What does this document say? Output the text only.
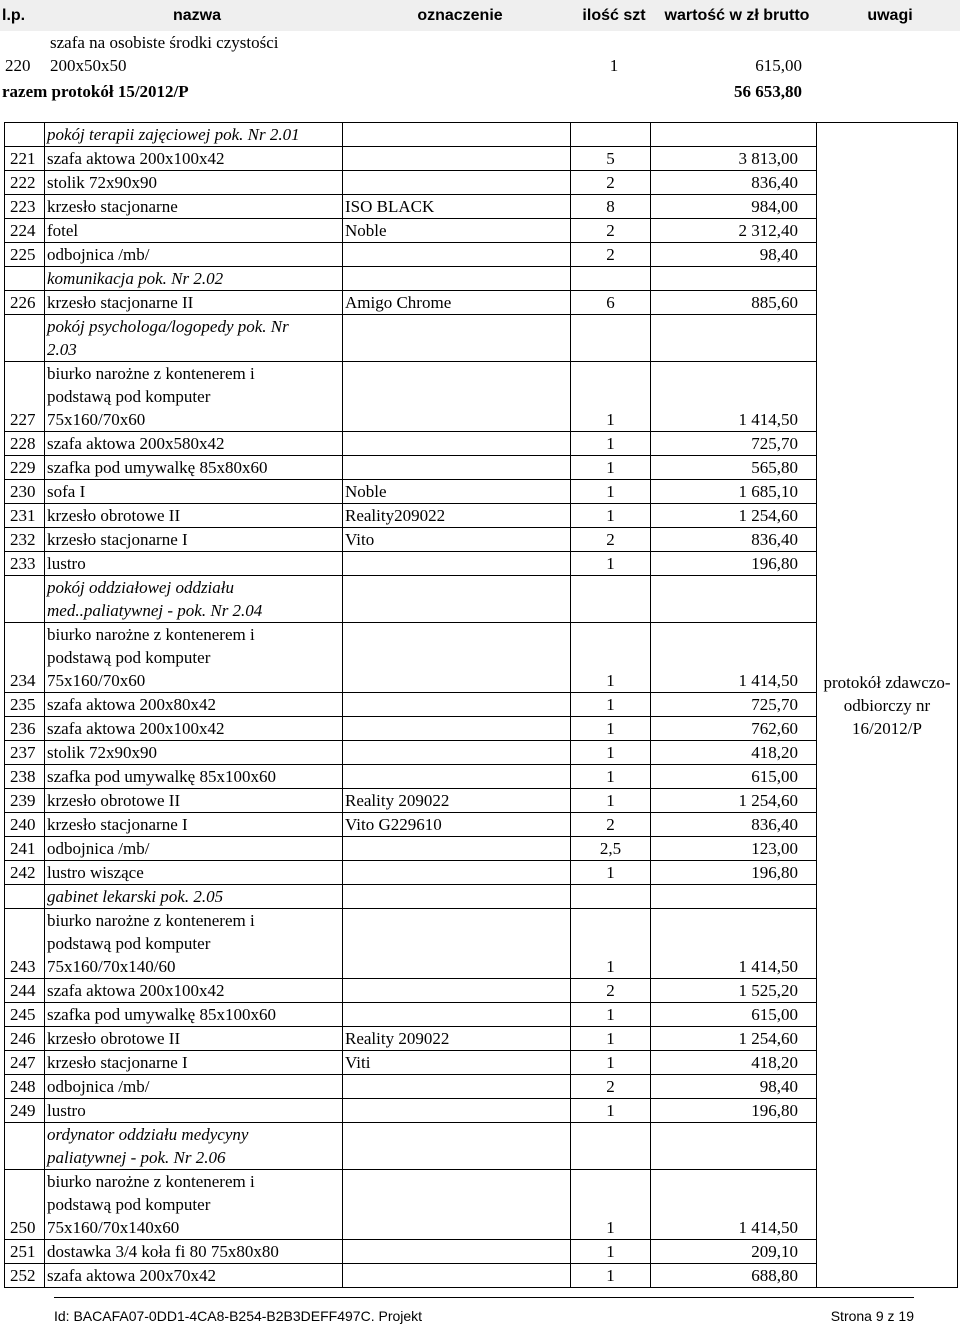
l.p.	nazwa	oznaczenie	ilość szt	wartość w zł brutto	uwagi
220	szafa na osobiste środki czystości
200x50x50		1	615,00	
razem protokół 15/2012/P			56 653,80		
	pokój terapii zajęciowej pok. Nr 2.01				protokół zdawczo-odbiorczy nr 16/2012/P
221	szafa aktowa 200x100x42		5	3 813,00	
222	stolik 72x90x90		2	836,40	
223	krzesło stacjonarne	ISO BLACK	8	984,00	
224	fotel	Noble	2	2 312,40	
225	odbojnica /mb/		2	98,40	
	komunikacja pok. Nr 2.02				
226	krzesło stacjonarne II	Amigo Chrome	6	885,60	

	pokój psychologa/logopedy pok. Nr
2.03				

227	biurko narożne z kontenerem i
podstawą pod komputer
75x160/70x60		1	1 414,50	
228	szafa aktowa 200x580x42		1	725,70	
229	szafka pod umywalkę 85x80x60		1	565,80	
230	sofa I	Noble	1	1 685,10	
231	krzesło obrotowe II	Reality209022	1	1 254,60	
232	krzesło stacjonarne I	Vito	2	836,40	
233	lustro		1	196,80	

	pokój oddziałowej oddziału
med..paliatywnej - pok. Nr 2.04				

234	biurko narożne z kontenerem i
podstawą pod komputer
75x160/70x60		1	1 414,50	
235	szafa aktowa 200x80x42		1	725,70	
236	szafa aktowa 200x100x42		1	762,60	
237	stolik 72x90x90		1	418,20	
238	szafka pod umywalkę 85x100x60		1	615,00	
239	krzesło obrotowe II	Reality 209022	1	1 254,60	
240	krzesło stacjonarne I	Vito G229610	2	836,40	
241	odbojnica /mb/		2,5	123,00	
242	lustro wiszące		1	196,80	
	gabinet lekarski pok. 2.05				
243	biurko narożne z kontenerem i
podstawą pod komputer
75x160/70x140/60		1	1 414,50	
244	szafa aktowa 200x100x42		2	1 525,20	
245	szafka pod umywalkę 85x100x60		1	615,00	
246	krzesło obrotowe II	Reality 209022	1	1 254,60	
247	krzesło stacjonarne I	Viti	1	418,20	
248	odbojnica /mb/		2	98,40	
249	lustro		1	196,80	

	ordynator oddziału medycyny
paliatywnej - pok. Nr 2.06				

250	biurko narożne z kontenerem i
podstawą pod komputer
75x160/70x140x60		1	1 414,50	
251	dostawka 3/4 koła fi 80 75x80x80		1	209,10	
252	szafa aktowa 200x70x42		1	688,80	
Id: BACAFA07-0DD1-4CA8-B254-B2B3DEFF497C. Projekt	Strona 9 z 19
